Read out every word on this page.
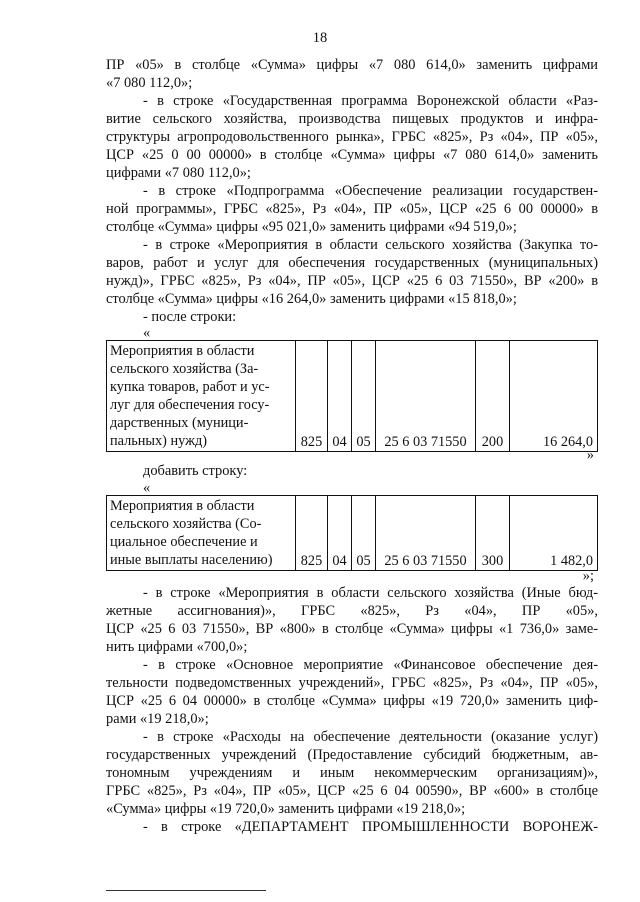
18
ПР «05» в столбце «Сумма» цифры «7 080 614,0» заменить цифрами
«7 080 112,0»;
- в строке «Государственная программа Воронежской области «Раз-
витие сельского хозяйства, производства пищевых продуктов и инфра-
структуры агропродовольственного рынка», ГРБС «825», Рз «04», ПР «05»,
ЦСР «25 0 00 00000» в столбце «Сумма» цифры «7 080 614,0» заменить
цифрами «7 080 112,0»;
- в строке «Подпрограмма «Обеспечение реализации государствен-
ной программы», ГРБС «825», Рз «04», ПР «05», ЦСР «25 6 00 00000» в
столбце «Сумма» цифры «95 021,0» заменить цифрами «94 519,0»;
- в строке «Мероприятия в области сельского хозяйства (Закупка то-
варов, работ и услуг для обеспечения государственных (муниципальных)
нужд)», ГРБС «825», Рз «04», ПР «05», ЦСР «25 6 03 71550», ВР «200» в
столбце «Сумма» цифры «16 264,0» заменить цифрами «15 818,0»;
- после строки:
«
Мероприятия в области
сельского хозяйства (За-
купка товаров, работ и ус-
луг для обеспечения госу-
дарственных (муници-
пальных) нужд)	825	04	05	25 6 03 71550	200	16 264,0
»
добавить строку:
«
Мероприятия в области
сельского хозяйства (Со-
циальное обеспечение и
иные выплаты населению)	825	04	05	25 6 03 71550	300	1 482,0
»;
- в строке «Мероприятия в области сельского хозяйства (Иные бюд-
жетные ассигнования)», ГРБС «825», Рз «04», ПР «05»,
ЦСР «25 6 03 71550», ВР «800» в столбце «Сумма» цифры «1 736,0» заме-
нить цифрами «700,0»;
- в строке «Основное мероприятие «Финансовое обеспечение дея-
тельности подведомственных учреждений», ГРБС «825», Рз «04», ПР «05»,
ЦСР «25 6 04 00000» в столбце «Сумма» цифры «19 720,0» заменить циф-
рами «19 218,0»;
- в строке «Расходы на обеспечение деятельности (оказание услуг)
государственных учреждений (Предоставление субсидий бюджетным, ав-
тономным учреждениям и иным некоммерческим организациям)»,
ГРБС «825», Рз «04», ПР «05», ЦСР «25 6 04 00590», ВР «600» в столбце
«Сумма» цифры «19 720,0» заменить цифрами «19 218,0»;
- в строке «ДЕПАРТАМЕНТ ПРОМЫШЛЕННОСТИ ВОРОНЕЖ-
